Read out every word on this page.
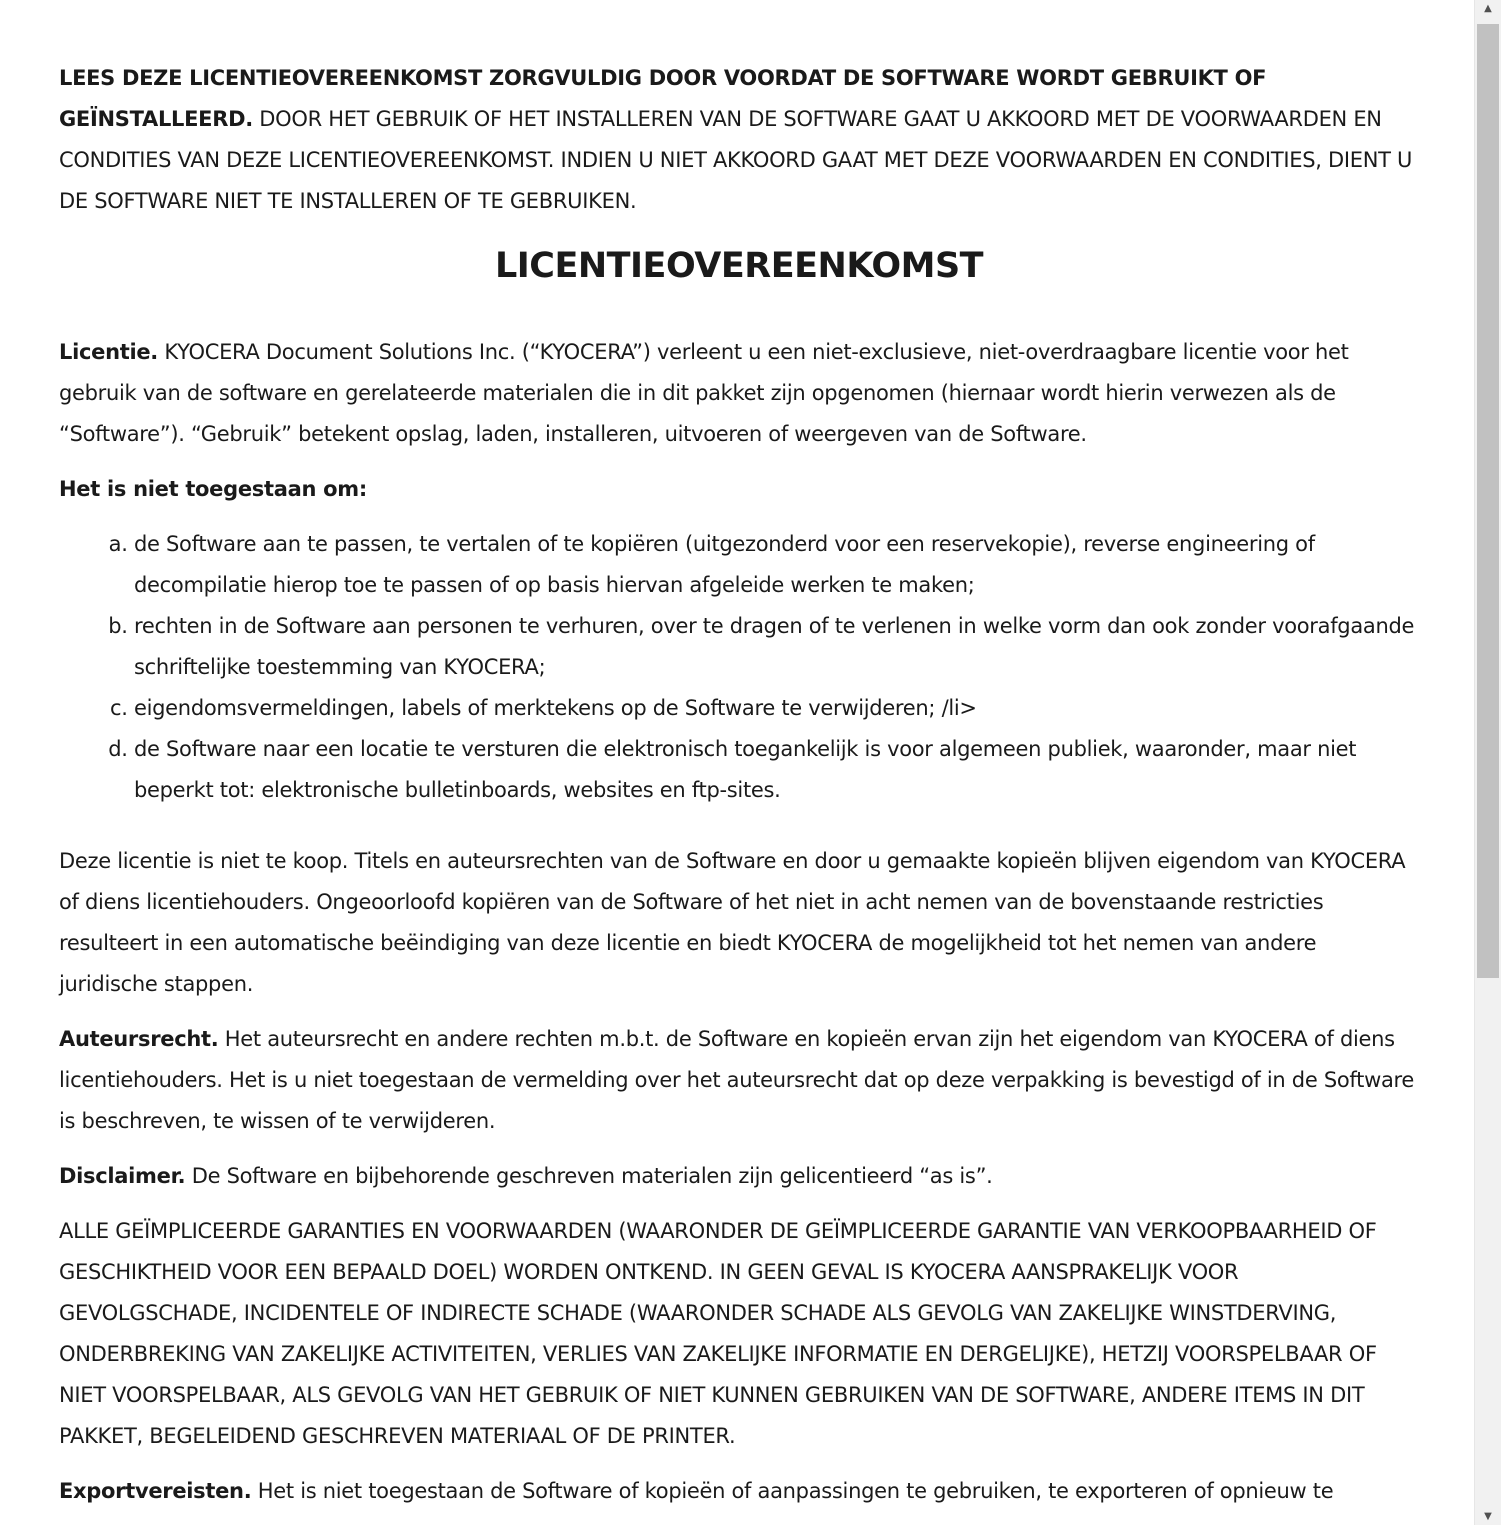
LEES DEZE LICENTIEOVEREENKOMST ZORGVULDIG DOOR VOORDAT DE SOFTWARE WORDT GEBRUIKT OF GEÏNSTALLEERD. DOOR HET GEBRUIK OF HET INSTALLEREN VAN DE SOFTWARE GAAT U AKKOORD MET DE VOORWAARDEN EN CONDITIES VAN DEZE LICENTIEOVEREENKOMST. INDIEN U NIET AKKOORD GAAT MET DEZE VOORWAARDEN EN CONDITIES, DIENT U DE SOFTWARE NIET TE INSTALLEREN OF TE GEBRUIKEN.

LICENTIEOVEREENKOMST

Licentie. KYOCERA Document Solutions Inc. (“KYOCERA”) verleent u een niet-exclusieve, niet-overdraagbare licentie voor het gebruik van de software en gerelateerde materialen die in dit pakket zijn opgenomen (hiernaar wordt hierin verwezen als de “Software”). “Gebruik” betekent opslag, laden, installeren, uitvoeren of weergeven van de Software.

Het is niet toegestaan om:

a. de Software aan te passen, te vertalen of te kopiëren (uitgezonderd voor een reservekopie), reverse engineering of decompilatie hierop toe te passen of op basis hiervan afgeleide werken te maken;
b. rechten in de Software aan personen te verhuren, over te dragen of te verlenen in welke vorm dan ook zonder voorafgaande schriftelijke toestemming van KYOCERA;
c. eigendomsvermeldingen, labels of merktekens op de Software te verwijderen; /li>
d. de Software naar een locatie te versturen die elektronisch toegankelijk is voor algemeen publiek, waaronder, maar niet beperkt tot: elektronische bulletinboards, websites en ftp-sites.

Deze licentie is niet te koop. Titels en auteursrechten van de Software en door u gemaakte kopieën blijven eigendom van KYOCERA of diens licentiehouders. Ongeoorloofd kopiëren van de Software of het niet in acht nemen van de bovenstaande restricties resulteert in een automatische beëindiging van deze licentie en biedt KYOCERA de mogelijkheid tot het nemen van andere juridische stappen.

Auteursrecht. Het auteursrecht en andere rechten m.b.t. de Software en kopieën ervan zijn het eigendom van KYOCERA of diens licentiehouders. Het is u niet toegestaan de vermelding over het auteursrecht dat op deze verpakking is bevestigd of in de Software is beschreven, te wissen of te verwijderen.

Disclaimer. De Software en bijbehorende geschreven materialen zijn gelicentieerd “as is”.

ALLE GEÏMPLICEERDE GARANTIES EN VOORWAARDEN (WAARONDER DE GEÏMPLICEERDE GARANTIE VAN VERKOOPBAARHEID OF GESCHIKTHEID VOOR EEN BEPAALD DOEL) WORDEN ONTKEND. IN GEEN GEVAL IS KYOCERA AANSPRAKELIJK VOOR GEVOLGSCHADE, INCIDENTELE OF INDIRECTE SCHADE (WAARONDER SCHADE ALS GEVOLG VAN ZAKELIJKE WINSTDERVING, ONDERBREKING VAN ZAKELIJKE ACTIVITEITEN, VERLIES VAN ZAKELIJKE INFORMATIE EN DERGELIJKE), HETZIJ VOORSPELBAAR OF NIET VOORSPELBAAR, ALS GEVOLG VAN HET GEBRUIK OF NIET KUNNEN GEBRUIKEN VAN DE SOFTWARE, ANDERE ITEMS IN DIT PAKKET, BEGELEIDEND GESCHREVEN MATERIAAL OF DE PRINTER.

Exportvereisten. Het is niet toegestaan de Software of kopieën of aanpassingen te gebruiken, te exporteren of opnieuw te

▲
▼
